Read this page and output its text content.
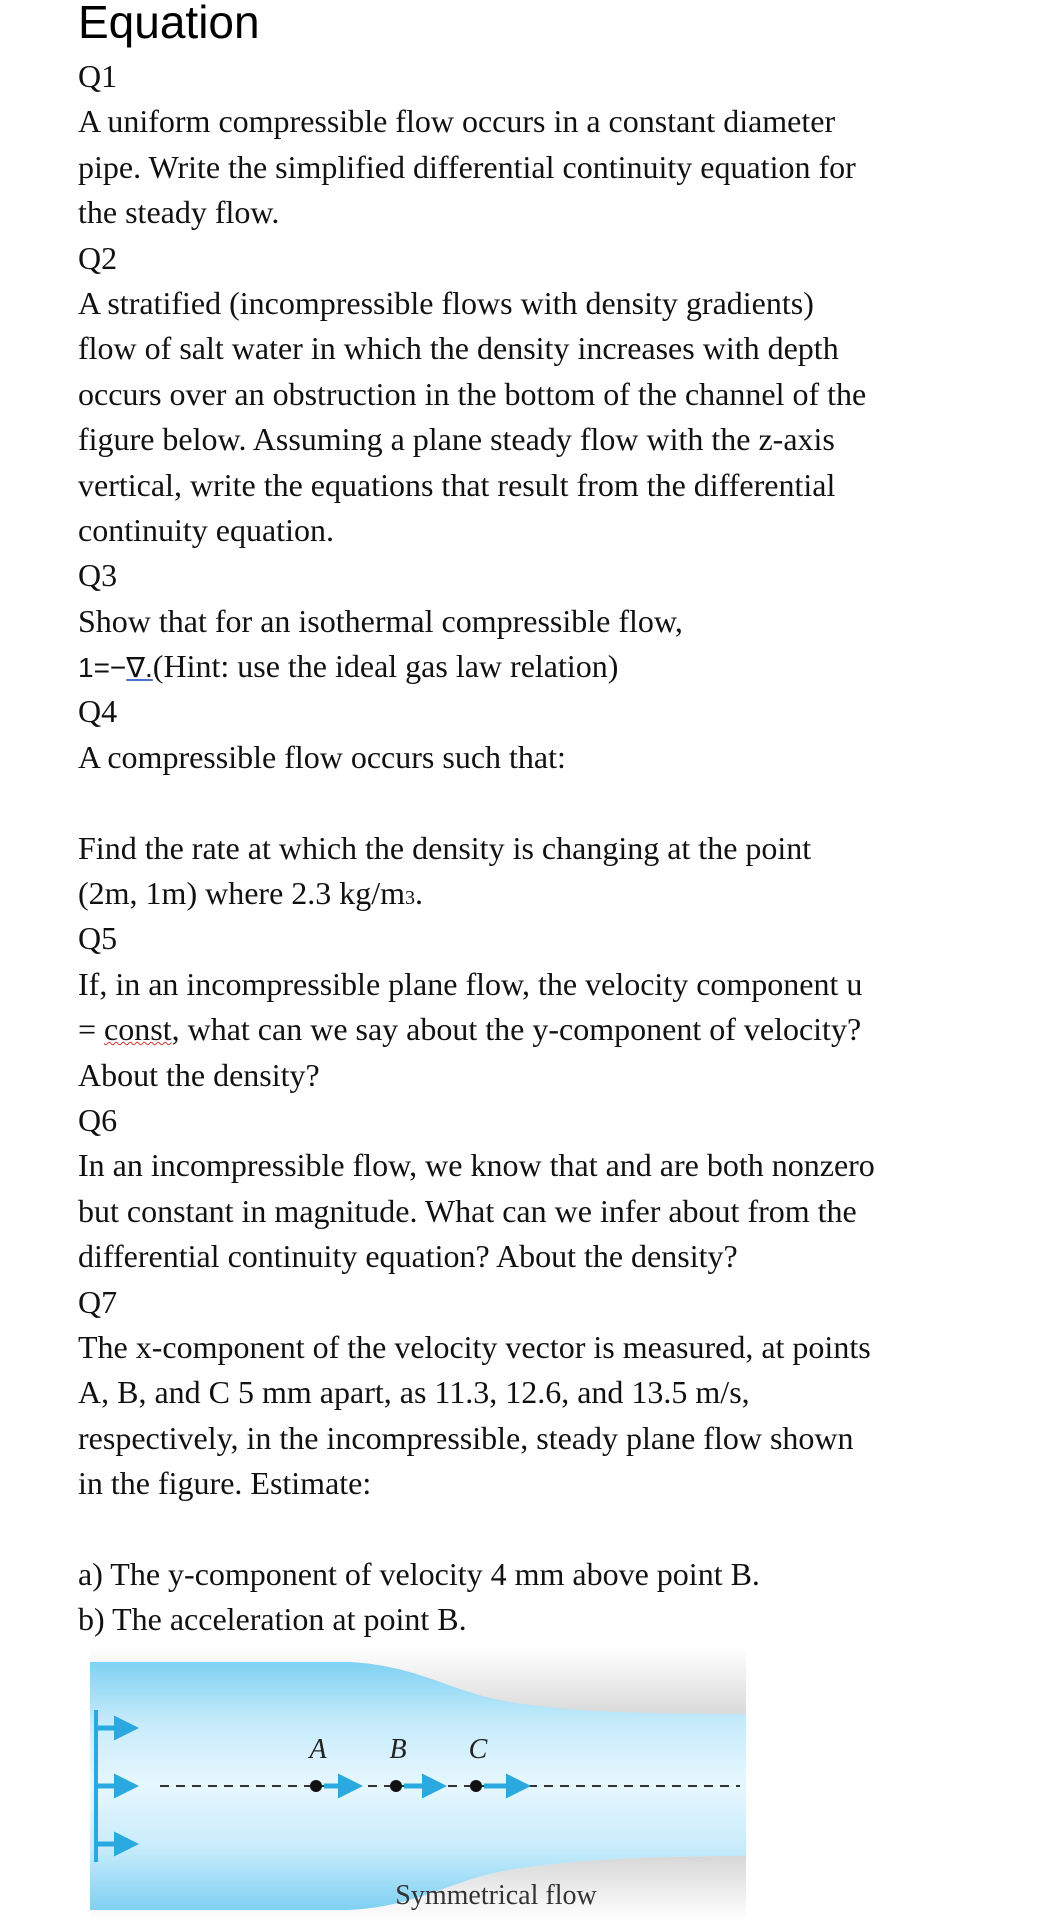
Equation
Q1
A uniform compressible flow occurs in a constant diameter
pipe. Write the simplified differential continuity equation for
the steady flow.
Q2
A stratified (incompressible flows with density gradients)
flow of salt water in which the density increases with depth
occurs over an obstruction in the bottom of the channel of the
figure below. Assuming a plane steady flow with the z-axis
vertical, write the equations that result from the differential
continuity equation.
Q3
Show that for an isothermal compressible flow,
1=−∇.(Hint: use the ideal gas law relation)
Q4
A compressible flow occurs such that:
Find the rate at which the density is changing at the point
(2m, 1m) where 2.3 kg/m3.
Q5
If, in an incompressible plane flow, the velocity component u
= const, what can we say about the y-component of velocity?
About the density?
Q6
In an incompressible flow, we know that and are both nonzero
but constant in magnitude. What can we infer about from the
differential continuity equation? About the density?
Q7
The x-component of the velocity vector is measured, at points
A, B, and C 5 mm apart, as 11.3, 12.6, and 13.5 m/s,
respectively, in the incompressible, steady plane flow shown
in the figure. Estimate:
a) The y-component of velocity 4 mm above point B.
b) The acceleration at point B.
A B C
Symmetrical flow
